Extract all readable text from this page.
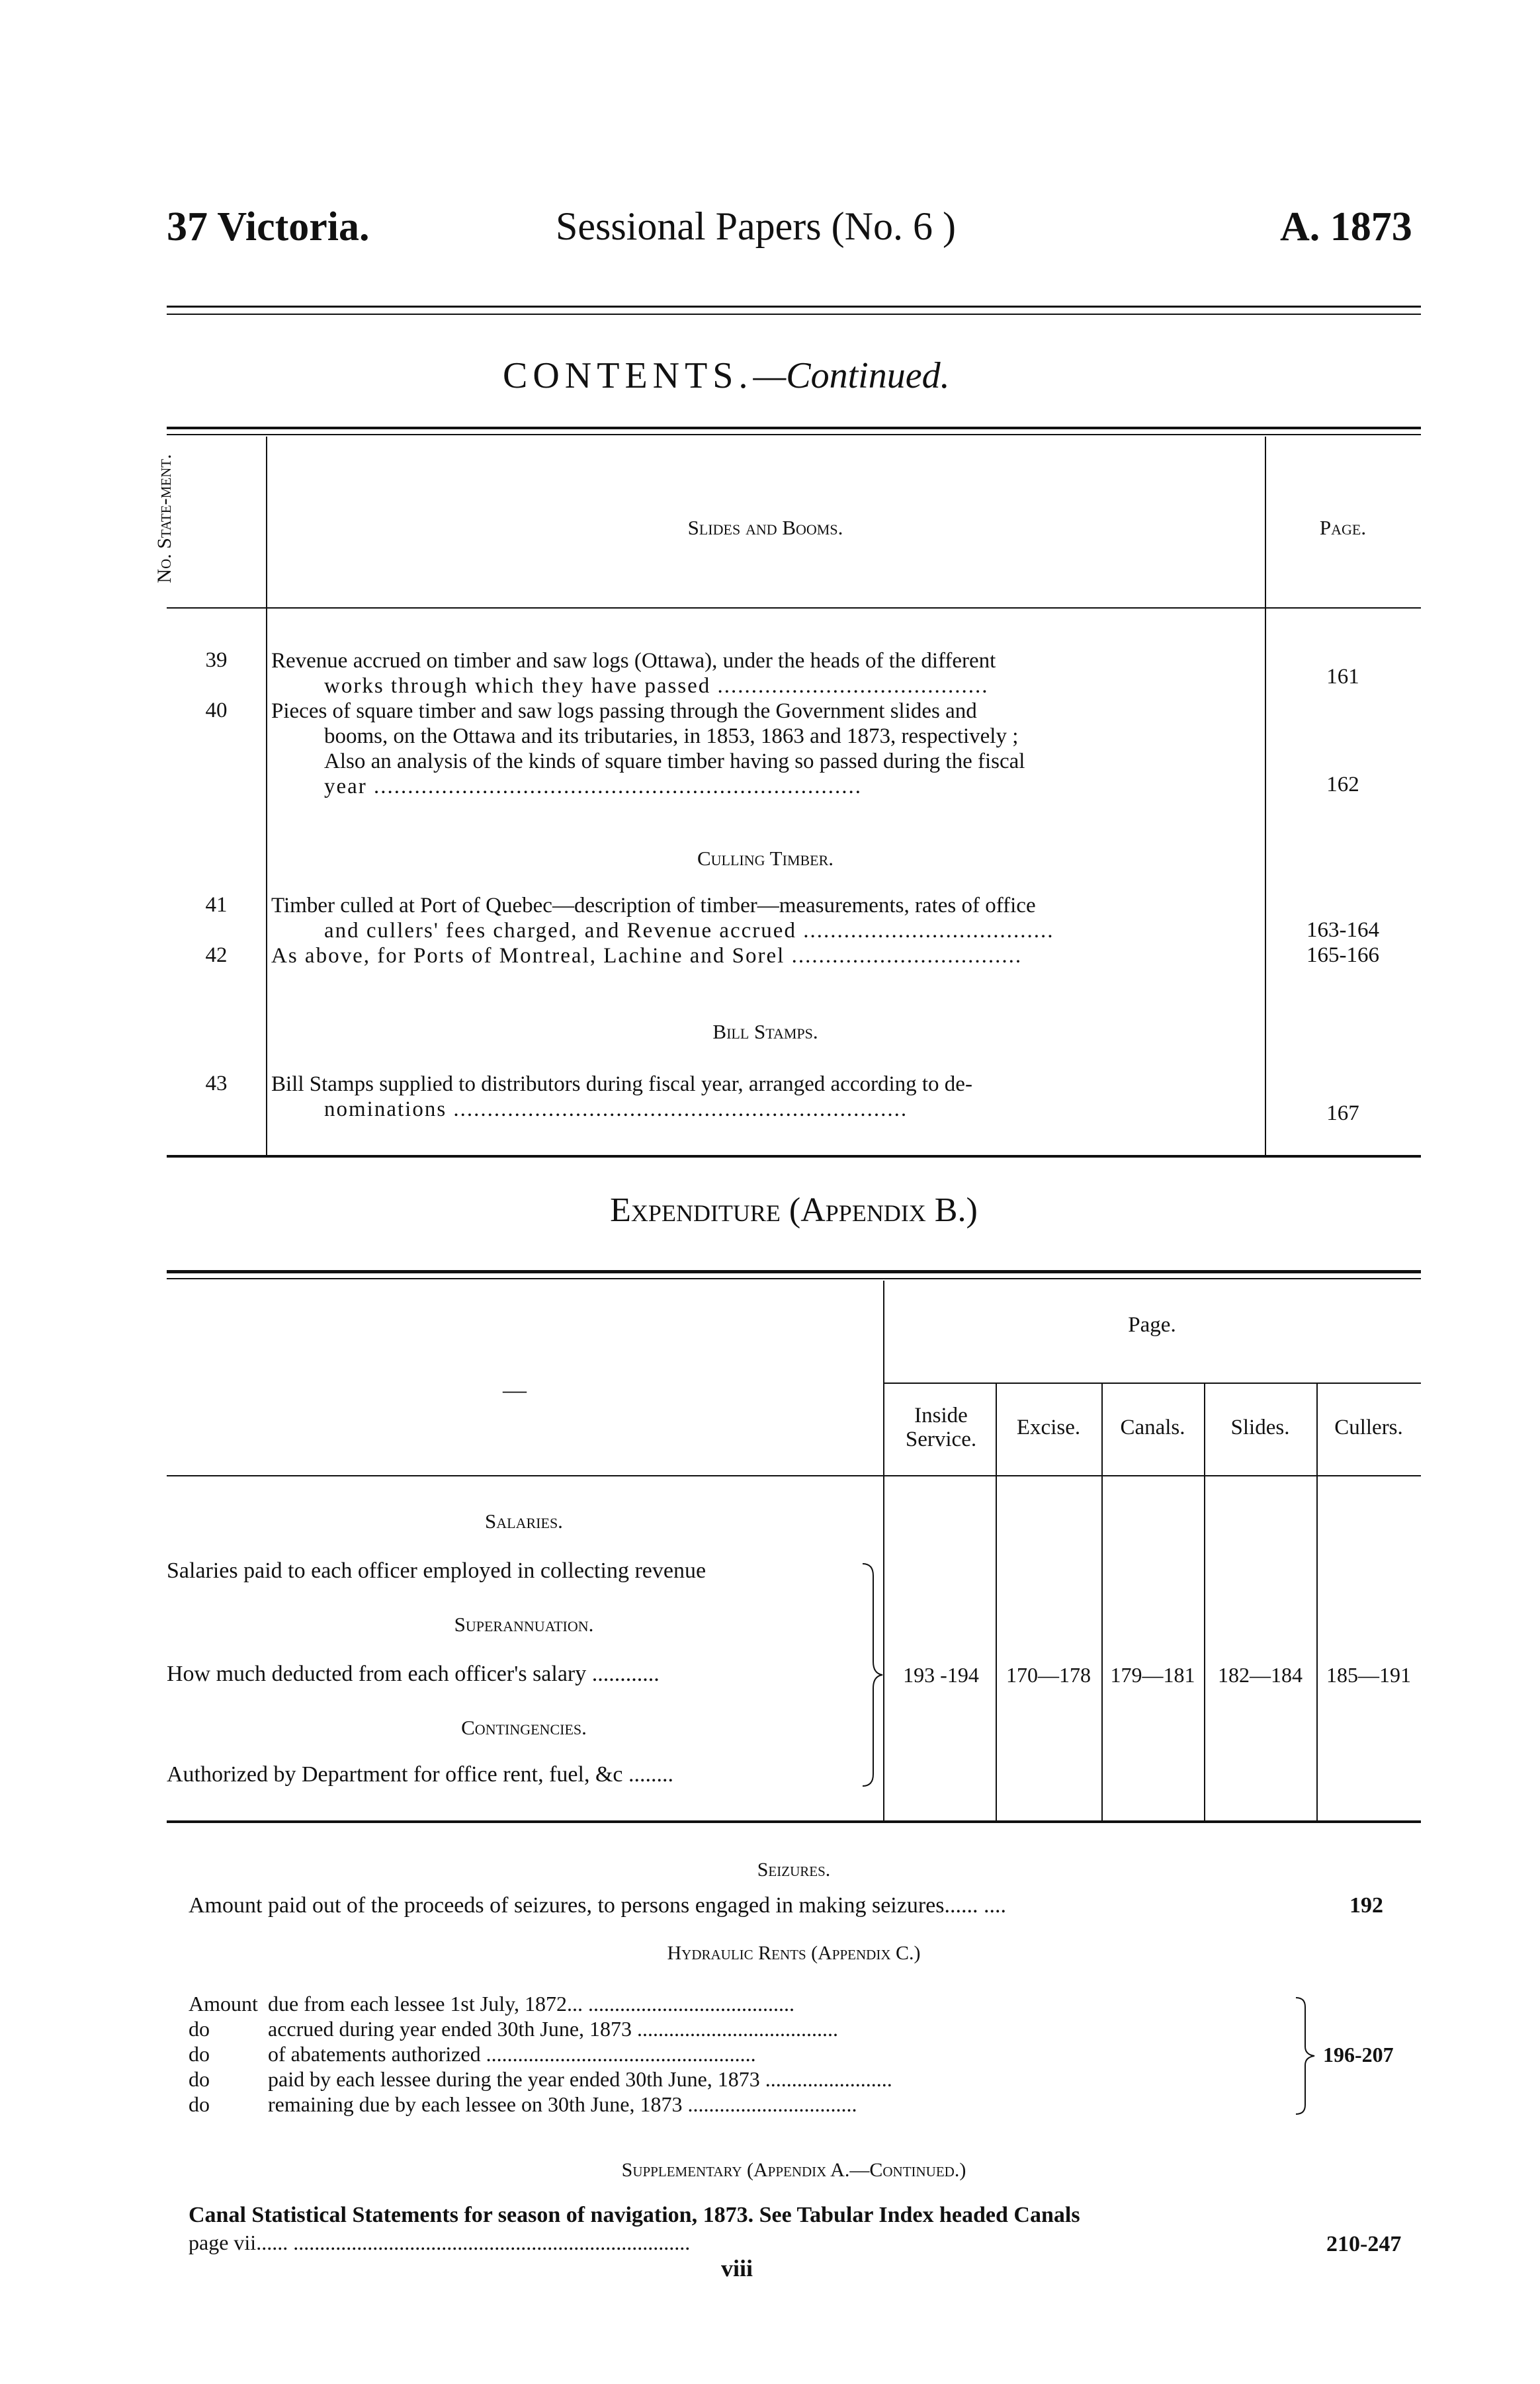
37 Victoria.	Sessional Papers (No. 6 )	A. 1873
CONTENTS.—Continued.
No. State-ment.	Slides and Booms.	Page.
39	Revenue accrued on timber and saw logs (Ottawa), under the heads of the different
works through which they have passed ........................................	161
40	Pieces of square timber and saw logs passing through the Government slides and
booms, on the Ottawa and its tributaries, in 1853, 1863 and 1873, respectively ;
Also an analysis of the kinds of square timber having so passed during the fiscal
year ........................................................................	162
Culling Timber.
41	Timber culled at Port of Quebec—description of timber—measurements, rates of office
and cullers' fees charged, and Revenue accrued .....................................	163-164
42	As above, for Ports of Montreal, Lachine and Sorel ..................................	165-166
Bill Stamps.
43	Bill Stamps supplied to distributors during fiscal year, arranged according to de-
nominations ...................................................................	167
Expenditure (Appendix B.)
—
Page.
Inside Service.	Excise.	Canals.	Slides.	Cullers.
Salaries.
Salaries paid to each officer employed in collecting revenue
Superannuation.
How much deducted from each officer's salary ............
Contingencies.
Authorized by Department for office rent, fuel, &c ........
193 -194	170—178 179—181	182—184	185—191
Seizures.
Amount paid out of the proceeds of seizures, to persons engaged in making seizures...... ....	192
Hydraulic Rents (Appendix C.)
Amount due from each lessee 1st July, 1872... .......................................
do	accrued during year ended 30th June, 1873 ......................................
do	of abatements authorized ...................................................
do	paid by each lessee during the year ended 30th June, 1873 ........................
do	remaining due by each lessee on 30th June, 1873 ................................
196-207
Supplementary (Appendix A.—Continued.)
Canal Statistical Statements for season of navigation, 1873. See Tabular Index headed Canals
page vii...... ...........................................................................	210-247
viii
